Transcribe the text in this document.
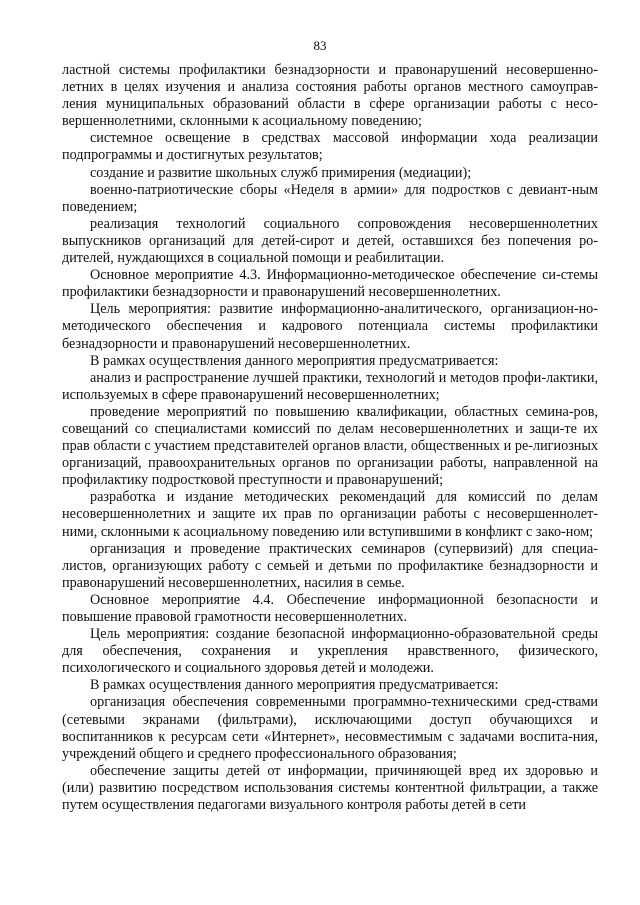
83

ластной системы профилактики безнадзорности и правонарушений несовершенно-летних в целях изучения и анализа состояния работы органов местного самоуправ-ления муниципальных образований области в сфере организации работы с несо-вершеннолетними, склонными к асоциальному поведению;

системное освещение в средствах массовой информации хода реализации подпрограммы и достигнутых результатов;

создание и развитие школьных служб примирения (медиации);

военно-патриотические сборы «Неделя в армии» для подростков с девиант-ным поведением;

реализация технологий социального сопровождения несовершеннолетних выпускников организаций для детей-сирот и детей, оставшихся без попечения ро-дителей, нуждающихся в социальной помощи и реабилитации.

Основное мероприятие 4.3. Информационно-методическое обеспечение си-стемы профилактики безнадзорности и правонарушений несовершеннолетних.

Цель мероприятия: развитие информационно-аналитического, организацион-но-методического обеспечения и кадрового потенциала системы профилактики безнадзорности и правонарушений несовершеннолетних.

В рамках осуществления данного мероприятия предусматривается:

анализ и распространение лучшей практики, технологий и методов профи-лактики, используемых в сфере правонарушений несовершеннолетних;

проведение мероприятий по повышению квалификации, областных семина-ров, совещаний со специалистами комиссий по делам несовершеннолетних и защи-те их прав области с участием представителей органов власти, общественных и ре-лигиозных организаций, правоохранительных органов по организации работы, направленной на профилактику подростковой преступности и правонарушений;

разработка и издание методических рекомендаций для комиссий по делам несовершеннолетних и защите их прав по организации работы с несовершеннолет-ними, склонными к асоциальному поведению или вступившими в конфликт с зако-ном;

организация и проведение практических семинаров (супервизий) для специа-листов, организующих работу с семьей и детьми по профилактике безнадзорности и правонарушений несовершеннолетних, насилия в семье.

Основное мероприятие 4.4. Обеспечение информационной безопасности и повышение правовой грамотности несовершеннолетних.

Цель мероприятия: создание безопасной информационно-образовательной среды для обеспечения, сохранения и укрепления нравственного, физического, психологического и социального здоровья детей и молодежи.

В рамках осуществления данного мероприятия предусматривается:

организация обеспечения современными программно-техническими сред-ствами (сетевыми экранами (фильтрами), исключающими доступ обучающихся и воспитанников к ресурсам сети «Интернет», несовместимым с задачами воспита-ния, учреждений общего и среднего профессионального образования;

обеспечение защиты детей от информации, причиняющей вред их здоровью и (или) развитию посредством использования системы контентной фильтрации, а также путем осуществления педагогами визуального контроля работы детей в сети
